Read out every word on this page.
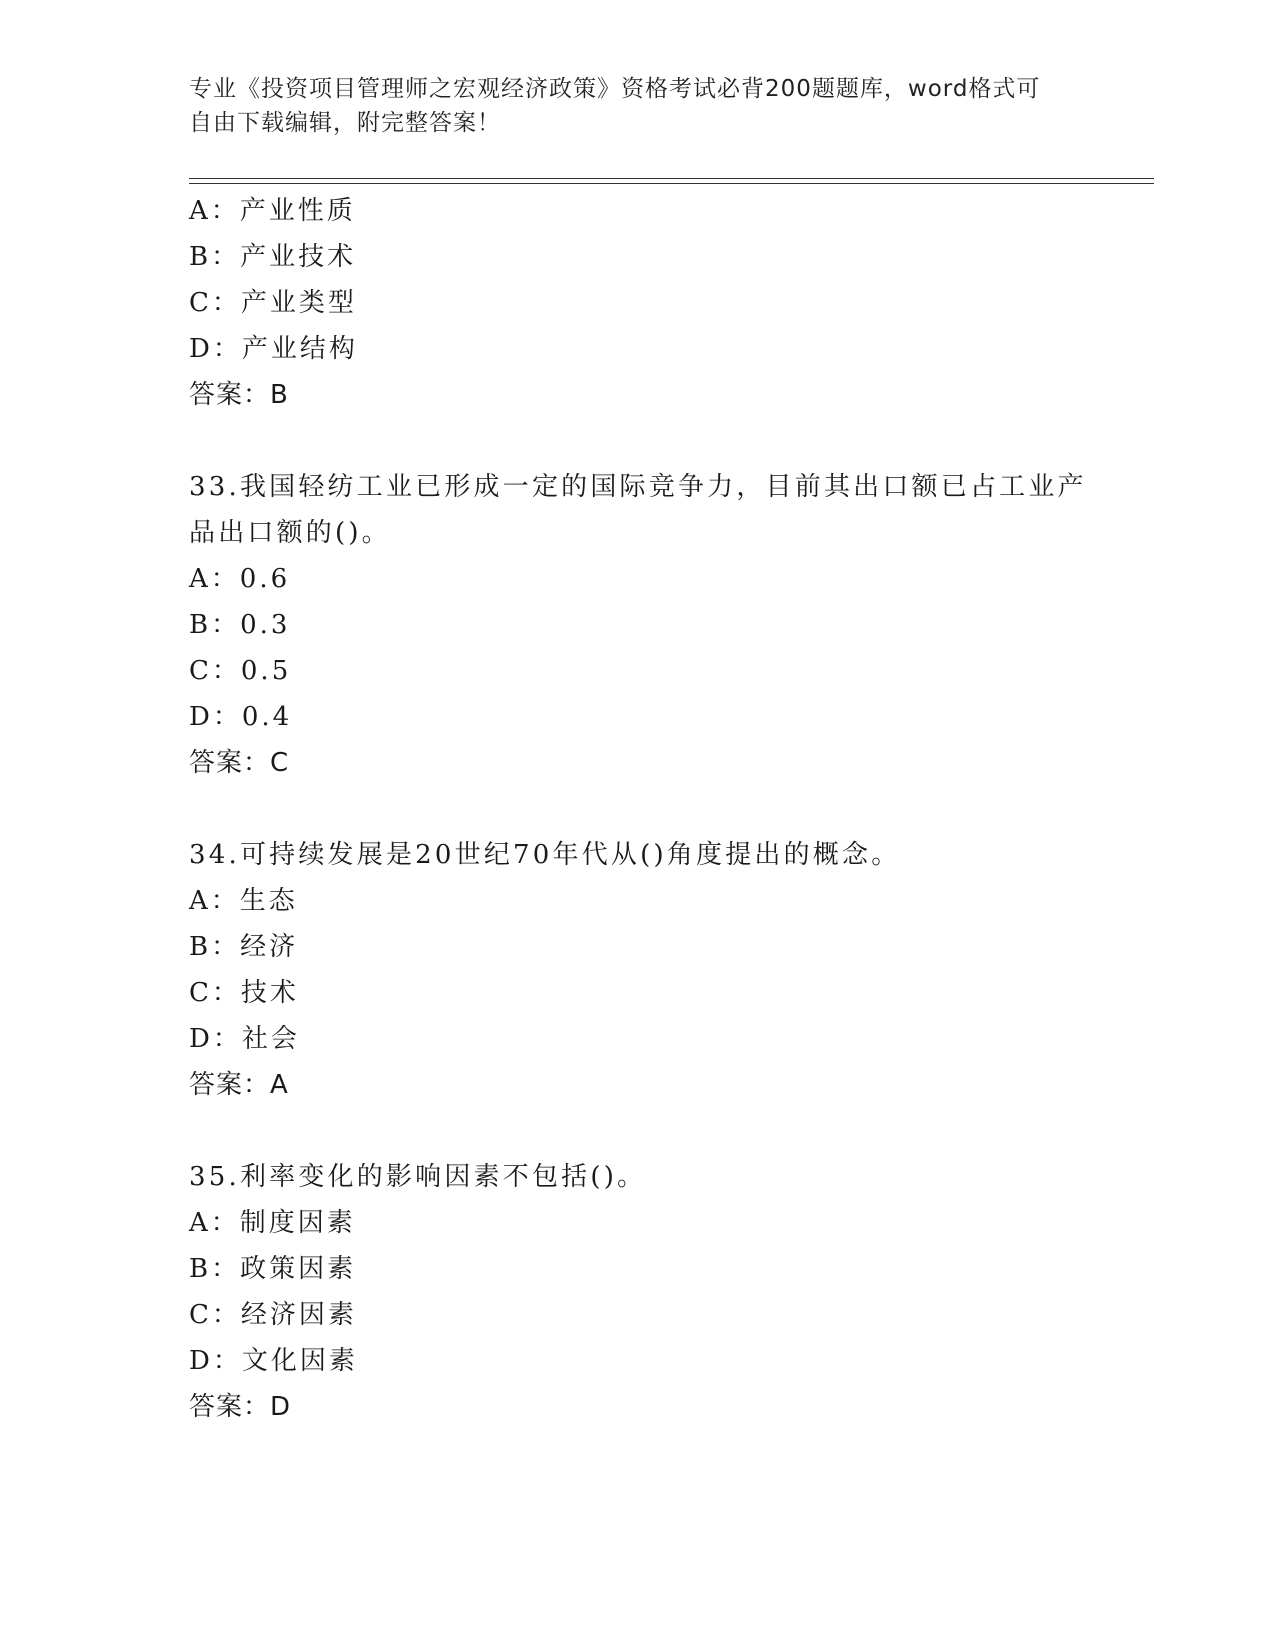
专业《投资项目管理师之宏观经济政策》资格考试必背200题题库，word格式可
自由下载编辑，附完整答案！
A：产业性质
B：产业技术
C：产业类型
D：产业结构
答案：B
33.我国轻纺工业已形成一定的国际竞争力，目前其出口额已占工业产
品出口额的()。
A：0.6
B：0.3
C：0.5
D：0.4
答案：C
34.可持续发展是20世纪70年代从()角度提出的概念。
A：生态
B：经济
C：技术
D：社会
答案：A
35.利率变化的影响因素不包括()。
A：制度因素
B：政策因素
C：经济因素
D：文化因素
答案：D
